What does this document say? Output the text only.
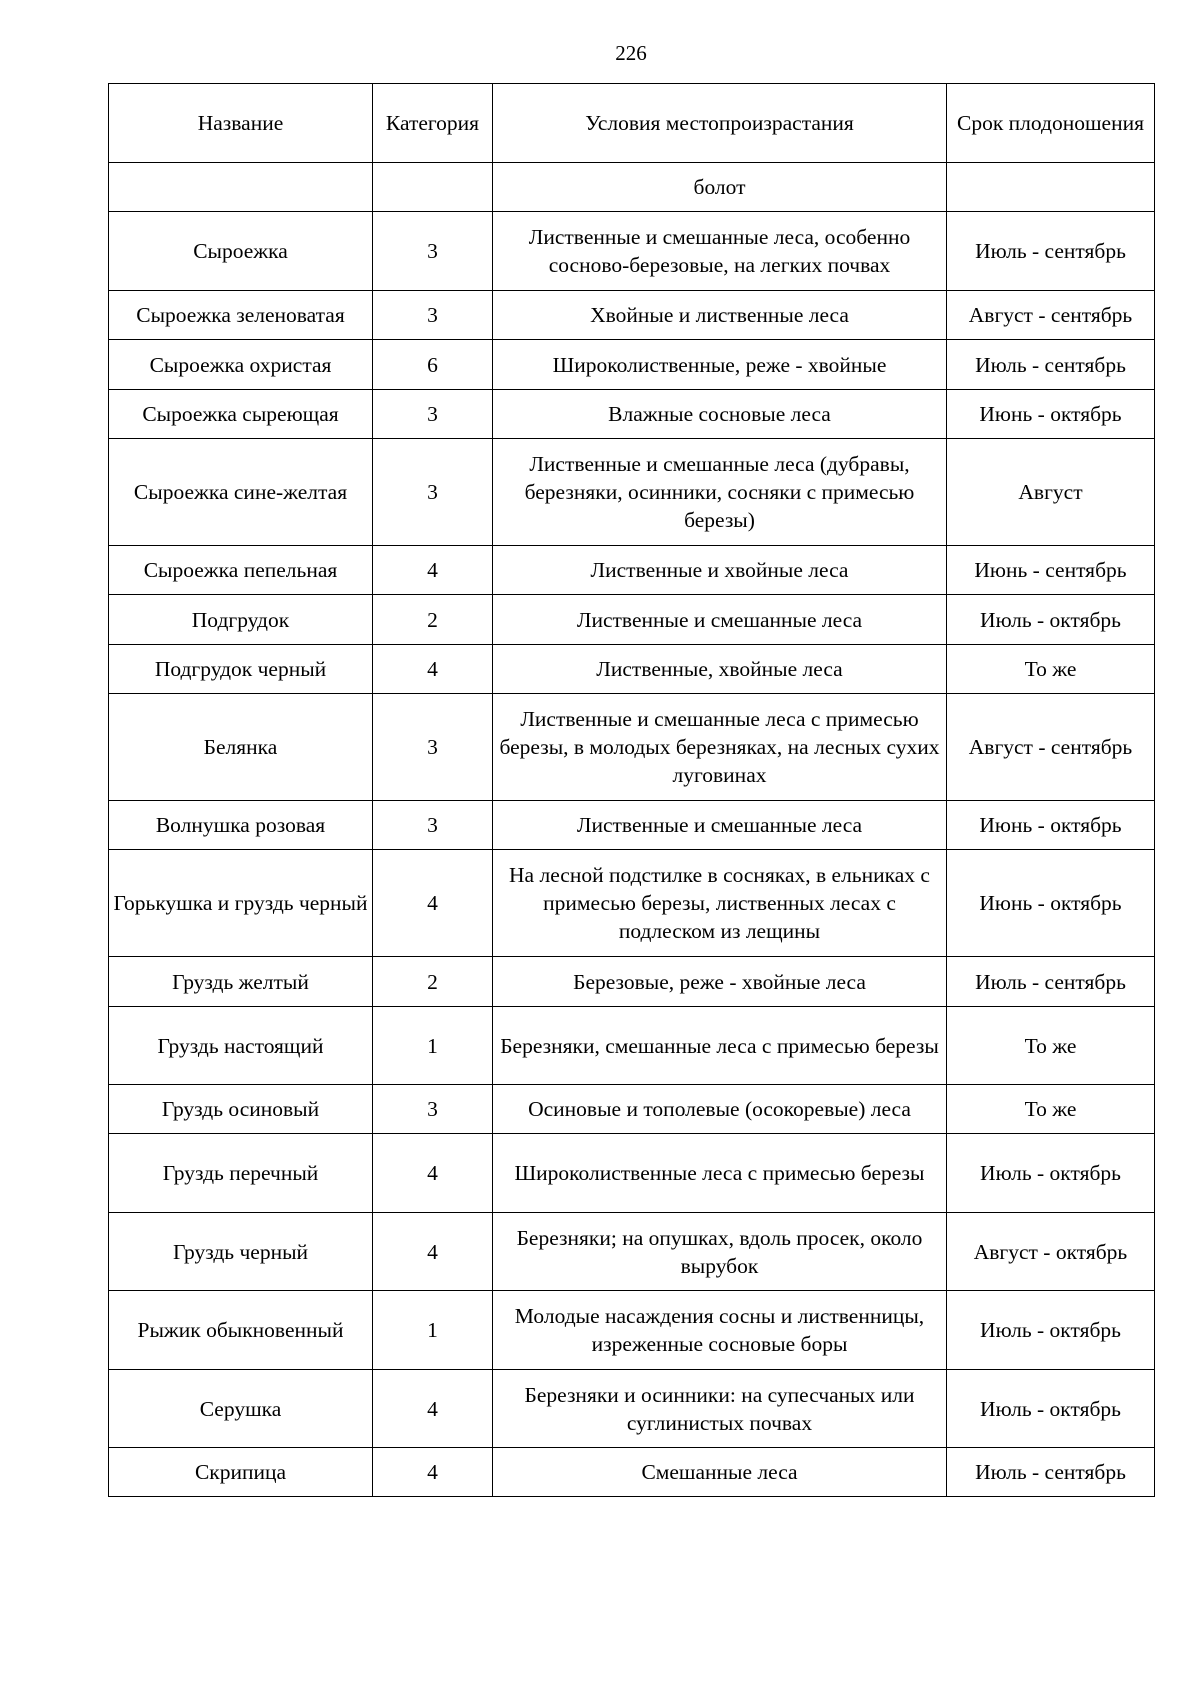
226
Название	Категория	Условия местопроизрастания	Срок плодоношения
		болот	
Сыроежка	3	Лиственные и смешанные леса, особенно сосново-березовые, на легких почвах	Июль - сентябрь
Сыроежка зеленоватая	3	Хвойные и лиственные леса	Август - сентябрь
Сыроежка охристая	6	Широколиственные, реже - хвойные	Июль - сентябрь
Сыроежка сыреющая	3	Влажные сосновые леса	Июнь - октябрь
Сыроежка сине-желтая	3	Лиственные и смешанные леса (дубравы, березняки, осинники, сосняки с примесью березы)	Август
Сыроежка пепельная	4	Лиственные и хвойные леса	Июнь - сентябрь
Подгрудок	2	Лиственные и смешанные леса	Июль - октябрь
Подгрудок черный	4	Лиственные, хвойные леса	То же
Белянка	3	Лиственные и смешанные леса с примесью березы, в молодых березняках, на лесных сухих луговинах	Август - сентябрь
Волнушка розовая	3	Лиственные и смешанные леса	Июнь - октябрь
Горькушка и груздь черный	4	На лесной подстилке в сосняках, в ельниках с примесью березы, лиственных лесах с подлеском из лещины	Июнь - октябрь
Груздь желтый	2	Березовые, реже - хвойные леса	Июль - сентябрь
Груздь настоящий	1	Березняки, смешанные леса с примесью березы	То же
Груздь осиновый	3	Осиновые и тополевые (осокоревые) леса	То же
Груздь перечный	4	Широколиственные леса с примесью березы	Июль - октябрь
Груздь черный	4	Березняки; на опушках, вдоль просек, около вырубок	Август - октябрь
Рыжик обыкновенный	1	Молодые насаждения сосны и лиственницы, изреженные сосновые боры	Июль - октябрь
Серушка	4	Березняки и осинники: на супесчаных или суглинистых почвах	Июль - октябрь
Скрипица	4	Смешанные леса	Июль - сентябрь
